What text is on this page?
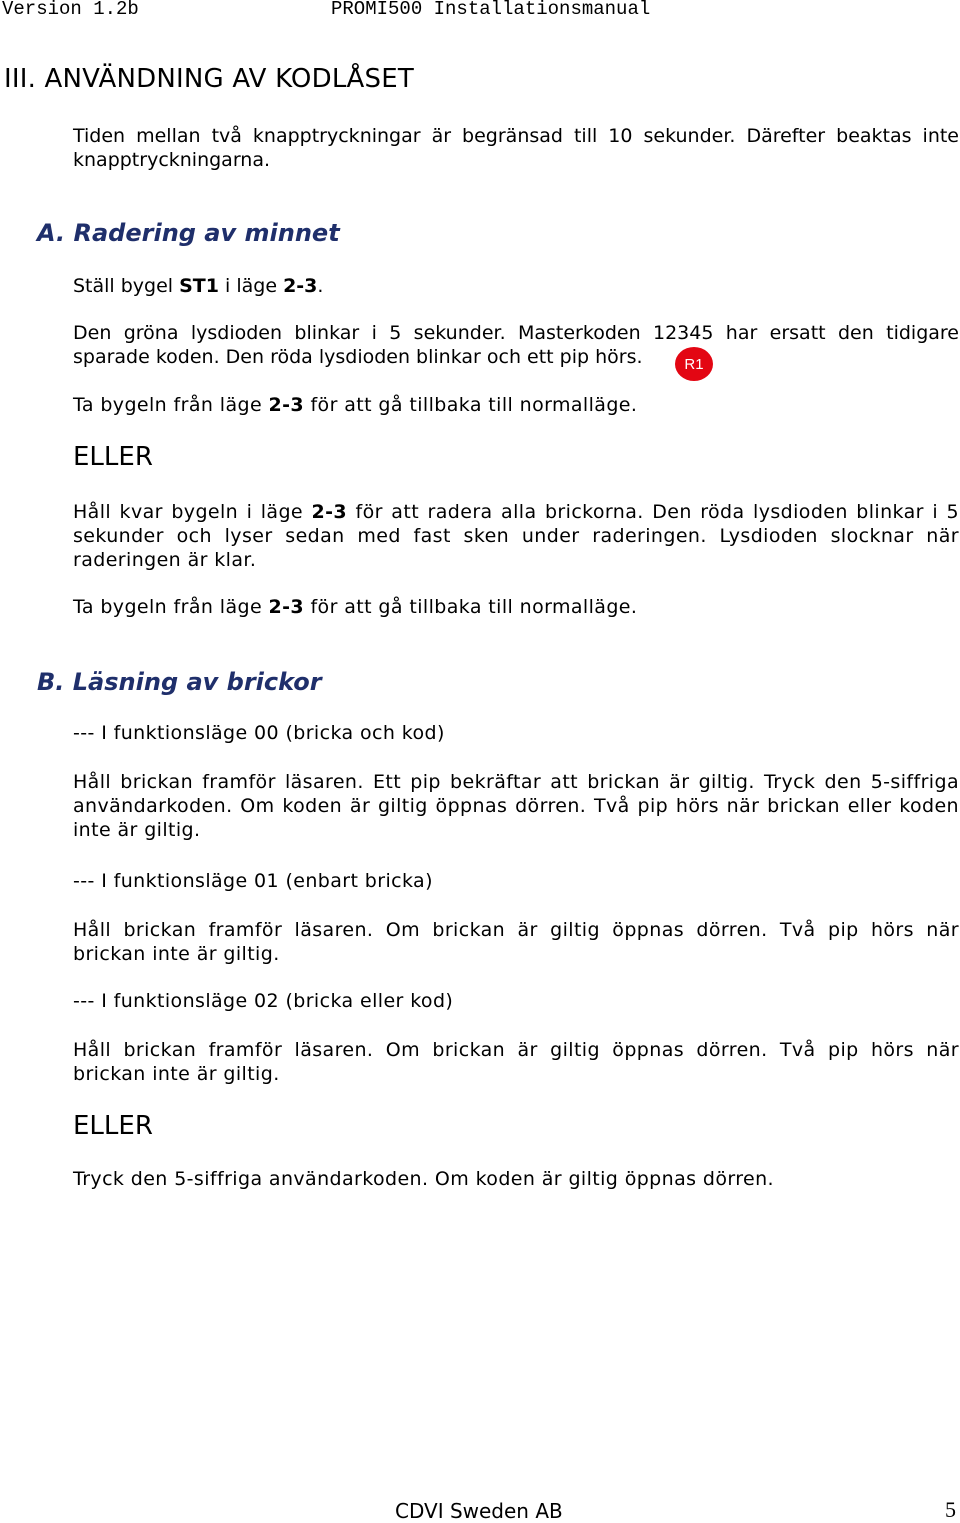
Version 1.2b	PROMI500 Installationsmanual
III. ANVÄNDNING AV KODLÅSET
Tiden mellan två knapptryckningar är begränsad till 10 sekunder. Därefter beaktas inte
knapptryckningarna.
A. Radering av minnet
Ställ bygel ST1 i läge 2-3.
Den gröna lysdioden blinkar i 5 sekunder. Masterkoden 12345 har ersatt den tidigare
sparade koden. Den röda lysdioden blinkar och ett pip hörs.	R1
Ta bygeln från läge 2-3 för att gå tillbaka till normalläge.
ELLER
Håll kvar bygeln i läge 2-3 för att radera alla brickorna. Den röda lysdioden blinkar i 5
sekunder och lyser sedan med fast sken under raderingen. Lysdioden slocknar när
raderingen är klar.
Ta bygeln från läge 2-3 för att gå tillbaka till normalläge.
B. Läsning av brickor
--- I funktionsläge 00 (bricka och kod)
Håll brickan framför läsaren. Ett pip bekräftar att brickan är giltig. Tryck den 5-siffriga
användarkoden. Om koden är giltig öppnas dörren. Två pip hörs när brickan eller koden
inte är giltig.
--- I funktionsläge 01 (enbart bricka)
Håll brickan framför läsaren. Om brickan är giltig öppnas dörren. Två pip hörs när
brickan inte är giltig.
--- I funktionsläge 02 (bricka eller kod)
Håll brickan framför läsaren. Om brickan är giltig öppnas dörren. Två pip hörs när
brickan inte är giltig.
ELLER
Tryck den 5-siffriga användarkoden. Om koden är giltig öppnas dörren.
CDVI Sweden AB	5
